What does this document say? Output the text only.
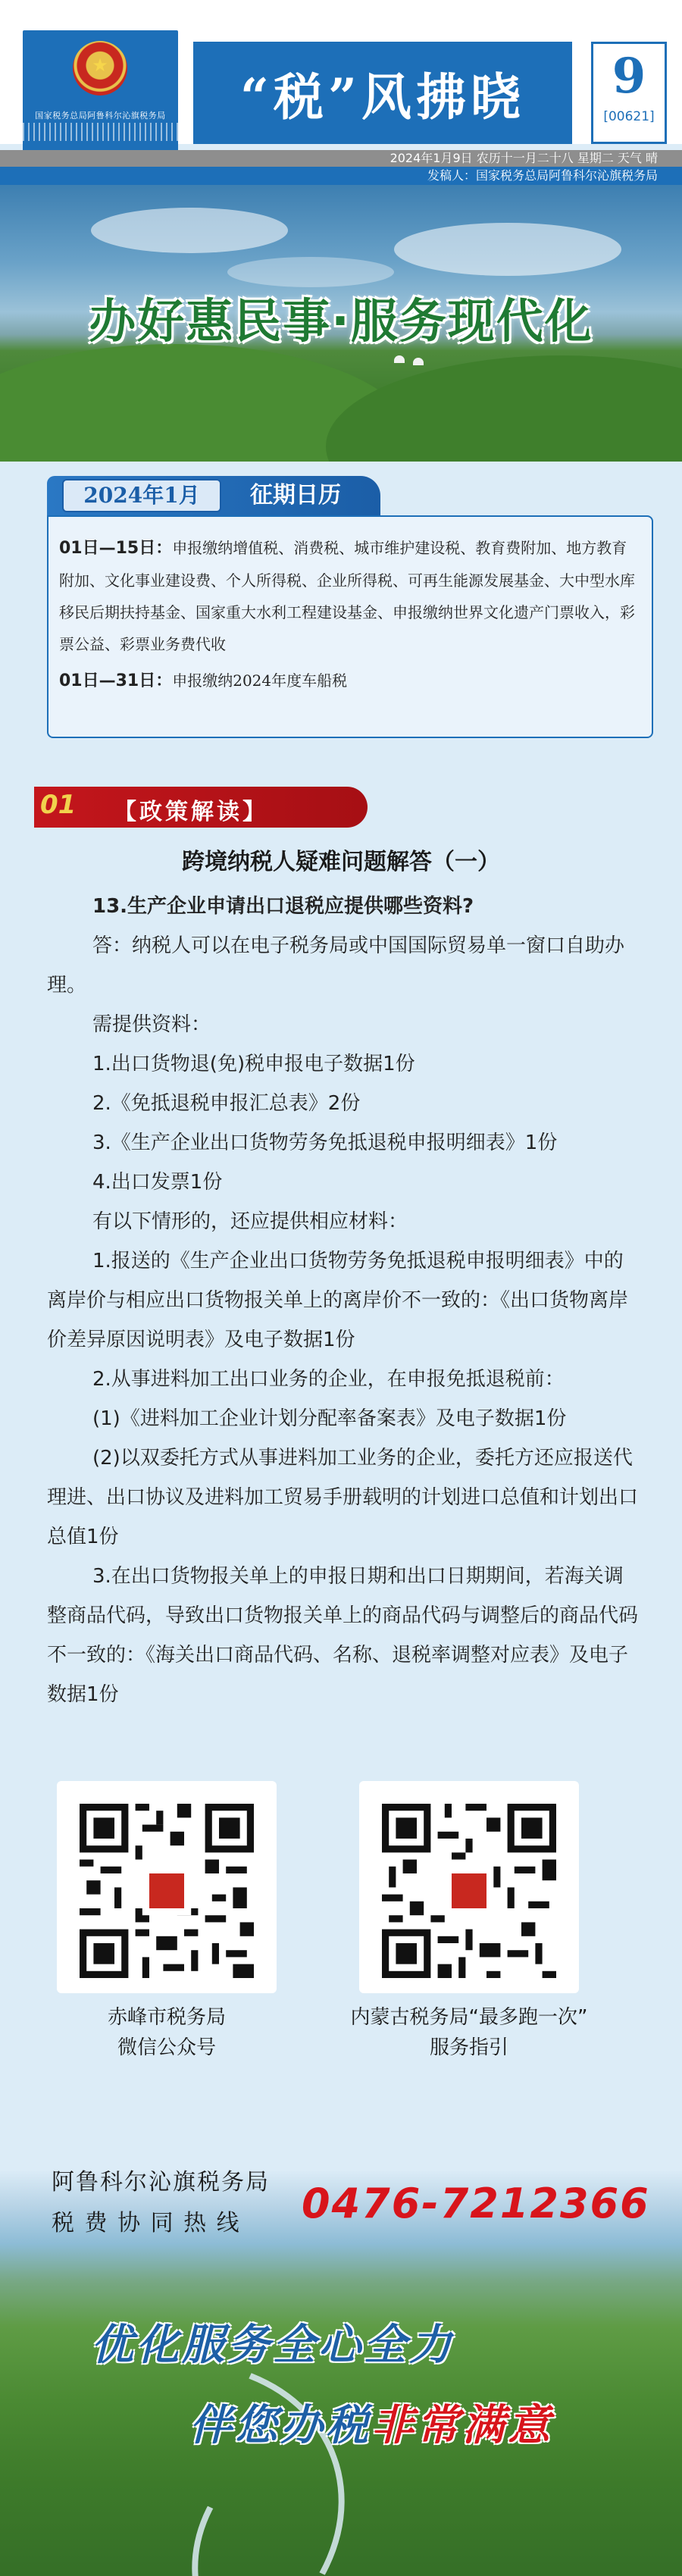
★
国家税务总局阿鲁科尔沁旗税务局 “税”风拂晓	9
[00621]
2024年1月9日 农历十一月二十八 星期二 天气 晴
发稿人：国家税务总局阿鲁科尔沁旗税务局
办好惠民事·服务现代化
2024年1月	征期日历
01日—15日：申报缴纳增值税、消费税、城市维护建设税、教育费附加、地方教育附加、文化事业建设费、个人所得税、企业所得税、可再生能源发展基金、大中型水库移民后期扶持基金、国家重大水利工程建设基金、申报缴纳世界文化遗产门票收入，彩票公益、彩票业务费代收
01日—31日：申报缴纳2024年度车船税
01 【政策解读】
跨境纳税人疑难问题解答（一）
13.生产企业申请出口退税应提供哪些资料?
答：纳税人可以在电子税务局或中国国际贸易单一窗口自助办理。
需提供资料：
1.出口货物退(免)税申报电子数据1份
2.《免抵退税申报汇总表》2份
3.《生产企业出口货物劳务免抵退税申报明细表》1份
4.出口发票1份
有以下情形的，还应提供相应材料：
1.报送的《生产企业出口货物劳务免抵退税申报明细表》中的离岸价与相应出口货物报关单上的离岸价不一致的：《出口货物离岸价差异原因说明表》及电子数据1份
2.从事进料加工出口业务的企业，在申报免抵退税前：
(1)《进料加工企业计划分配率备案表》及电子数据1份
(2)以双委托方式从事进料加工业务的企业，委托方还应报送代理进、出口协议及进料加工贸易手册载明的计划进口总值和计划出口总值1份
3.在出口货物报关单上的申报日期和出口日期期间，若海关调整商品代码，导致出口货物报关单上的商品代码与调整后的商品代码不一致的：《海关出口商品代码、名称、退税率调整对应表》及电子数据1份
赤峰市税务局
微信公众号
内蒙古税务局“最多跑一次”
服务指引
阿鲁科尔沁旗税务局
税 费 协 同 热 线 0476-7212366
优化服务全心全力
伴您办税非常满意
